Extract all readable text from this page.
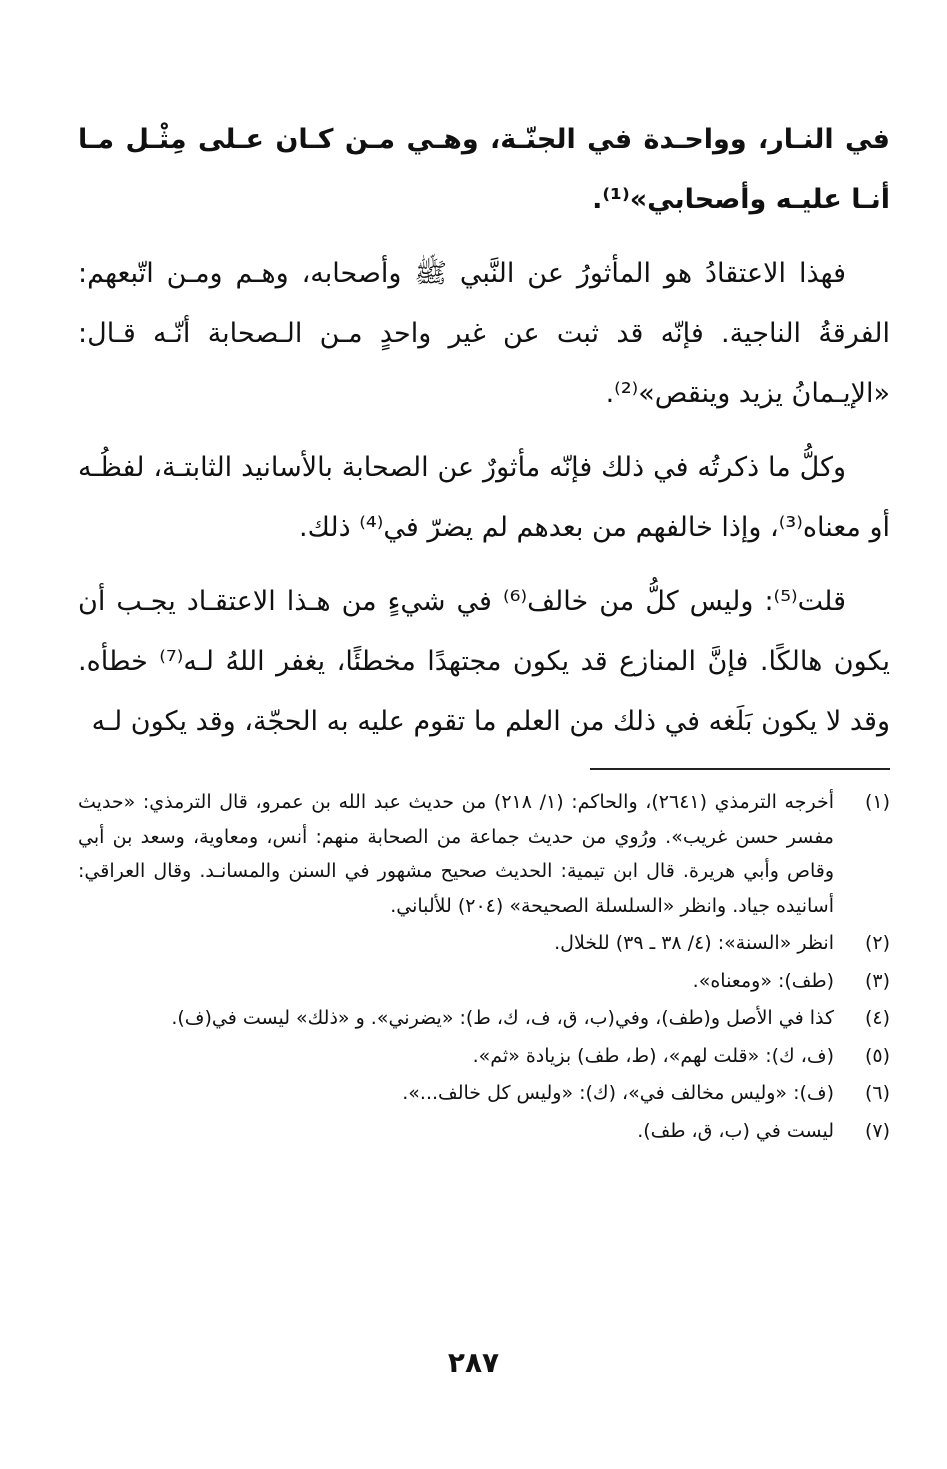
في النـار، وواحـدة في الجنّـة، وهـي مـن كـان عـلى مِثْـل مـا أنـا عليـه وأصحابي»⁽¹⁾.

فهذا الاعتقادُ هو المأثورُ عن النَّبي ﷺ وأصحابه، وهـم ومـن اتّبعهم: الفرقةُ الناجية. فإنّه قد ثبت عن غير واحدٍ مـن الـصحابة أنّـه قـال: «الإيـمانُ يزيد وينقص»⁽²⁾.

وكلُّ ما ذكرتُه في ذلك فإنّه مأثورٌ عن الصحابة بالأسانيد الثابتـة، لفظُـه أو معناه⁽³⁾، وإذا خالفهم من بعدهم لم يضرّ في⁽⁴⁾ ذلك.

قلت⁽⁵⁾: وليس كلُّ من خالف⁽⁶⁾ في شيءٍ من هـذا الاعتقـاد يجـب أن يكون هالكًا. فإنَّ المنازع قد يكون مجتهدًا مخطئًا، يغفر اللهُ لـه⁽⁷⁾ خطأه. وقد لا يكون بَلَغه في ذلك من العلم ما تقوم عليه به الحجّة، وقد يكون لـه

(١)
أخرجه الترمذي (٢٦٤١)، والحاكم: (١/ ٢١٨) من حديث عبد الله بن عمرو، قال الترمذي: «حديث مفسر حسن غريب». ورُوي من حديث جماعة من الصحابة منهم: أنس، ومعاوية، وسعد بن أبي وقاص وأبي هريرة. قال ابن تيمية: الحديث صحيح مشهور في السنن والمسانـد. وقال العراقي: أسانيده جياد. وانظر «السلسلة الصحيحة» (٢٠٤) للألباني.
(٢)
انظر «السنة»: (٤/ ٣٨ ـ ٣٩) للخلال.
(٣)
(طف): «ومعناه».
(٤)
كذا في الأصل و(طف)، وفي(ب، ق، ف، ك، ط): «يضرني». و «ذلك» ليست في(ف).
(٥)
(ف، ك): «قلت لهم»، (ط، طف) بزيادة «ثم».
(٦)
(ف): «وليس مخالف في»، (ك): «وليس كل خالف...».
(٧)
ليست في (ب، ق، طف).
٢٨٧
